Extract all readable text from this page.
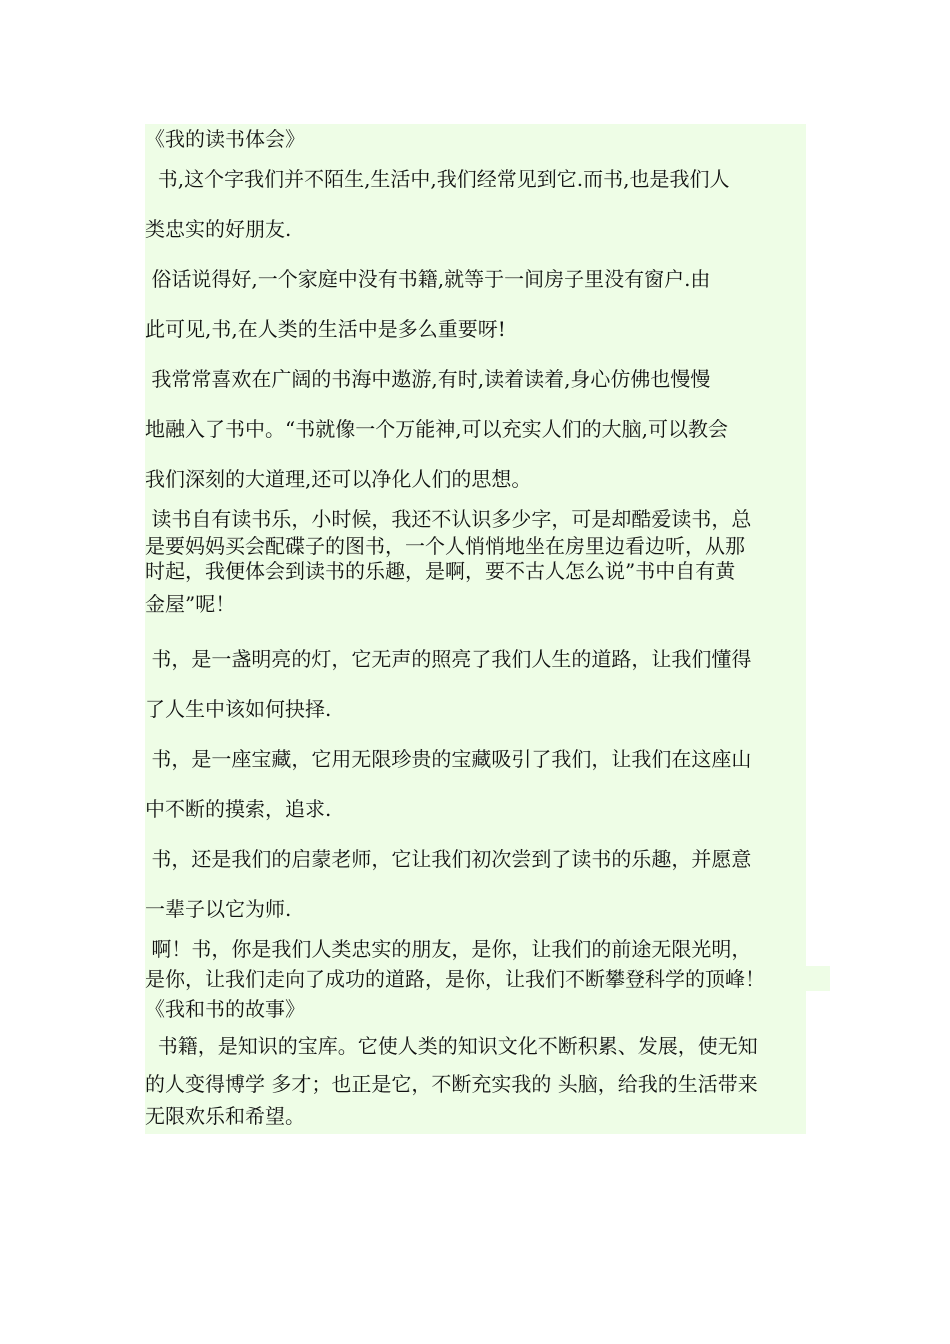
《我的读书体会》
书,这个字我们并不陌生,生活中,我们经常见到它.而书,也是我们人
类忠实的好朋友.
俗话说得好,一个家庭中没有书籍,就等于一间房子里没有窗户.由
此可见,书,在人类的生活中是多么重要呀!
我常常喜欢在广阔的书海中遨游,有时,读着读着,身心仿佛也慢慢
地融入了书中。“书就像一个万能神,可以充实人们的大脑,可以教会
我们深刻的大道理,还可以净化人们的思想。
读书自有读书乐，小时候，我还不认识多少字，可是却酷爱读书，总
是要妈妈买会配碟子的图书，一个人悄悄地坐在房里边看边听，从那
时起，我便体会到读书的乐趣，是啊，要不古人怎么说”书中自有黄
金屋”呢！
书，是一盏明亮的灯，它无声的照亮了我们人生的道路，让我们懂得
了人生中该如何抉择.
书，是一座宝藏，它用无限珍贵的宝藏吸引了我们，让我们在这座山
中不断的摸索，追求.
书，还是我们的启蒙老师，它让我们初次尝到了读书的乐趣，并愿意
一辈子以它为师.
啊！书，你是我们人类忠实的朋友，是你，让我们的前途无限光明，
是你，让我们走向了成功的道路，是你，让我们不断攀登科学的顶峰！
《我和书的故事》
书籍，是知识的宝库。它使人类的知识文化不断积累、发展，使无知
的人变得博学 多才；也正是它，不断充实我的 头脑，给我的生活带来
无限欢乐和希望。
